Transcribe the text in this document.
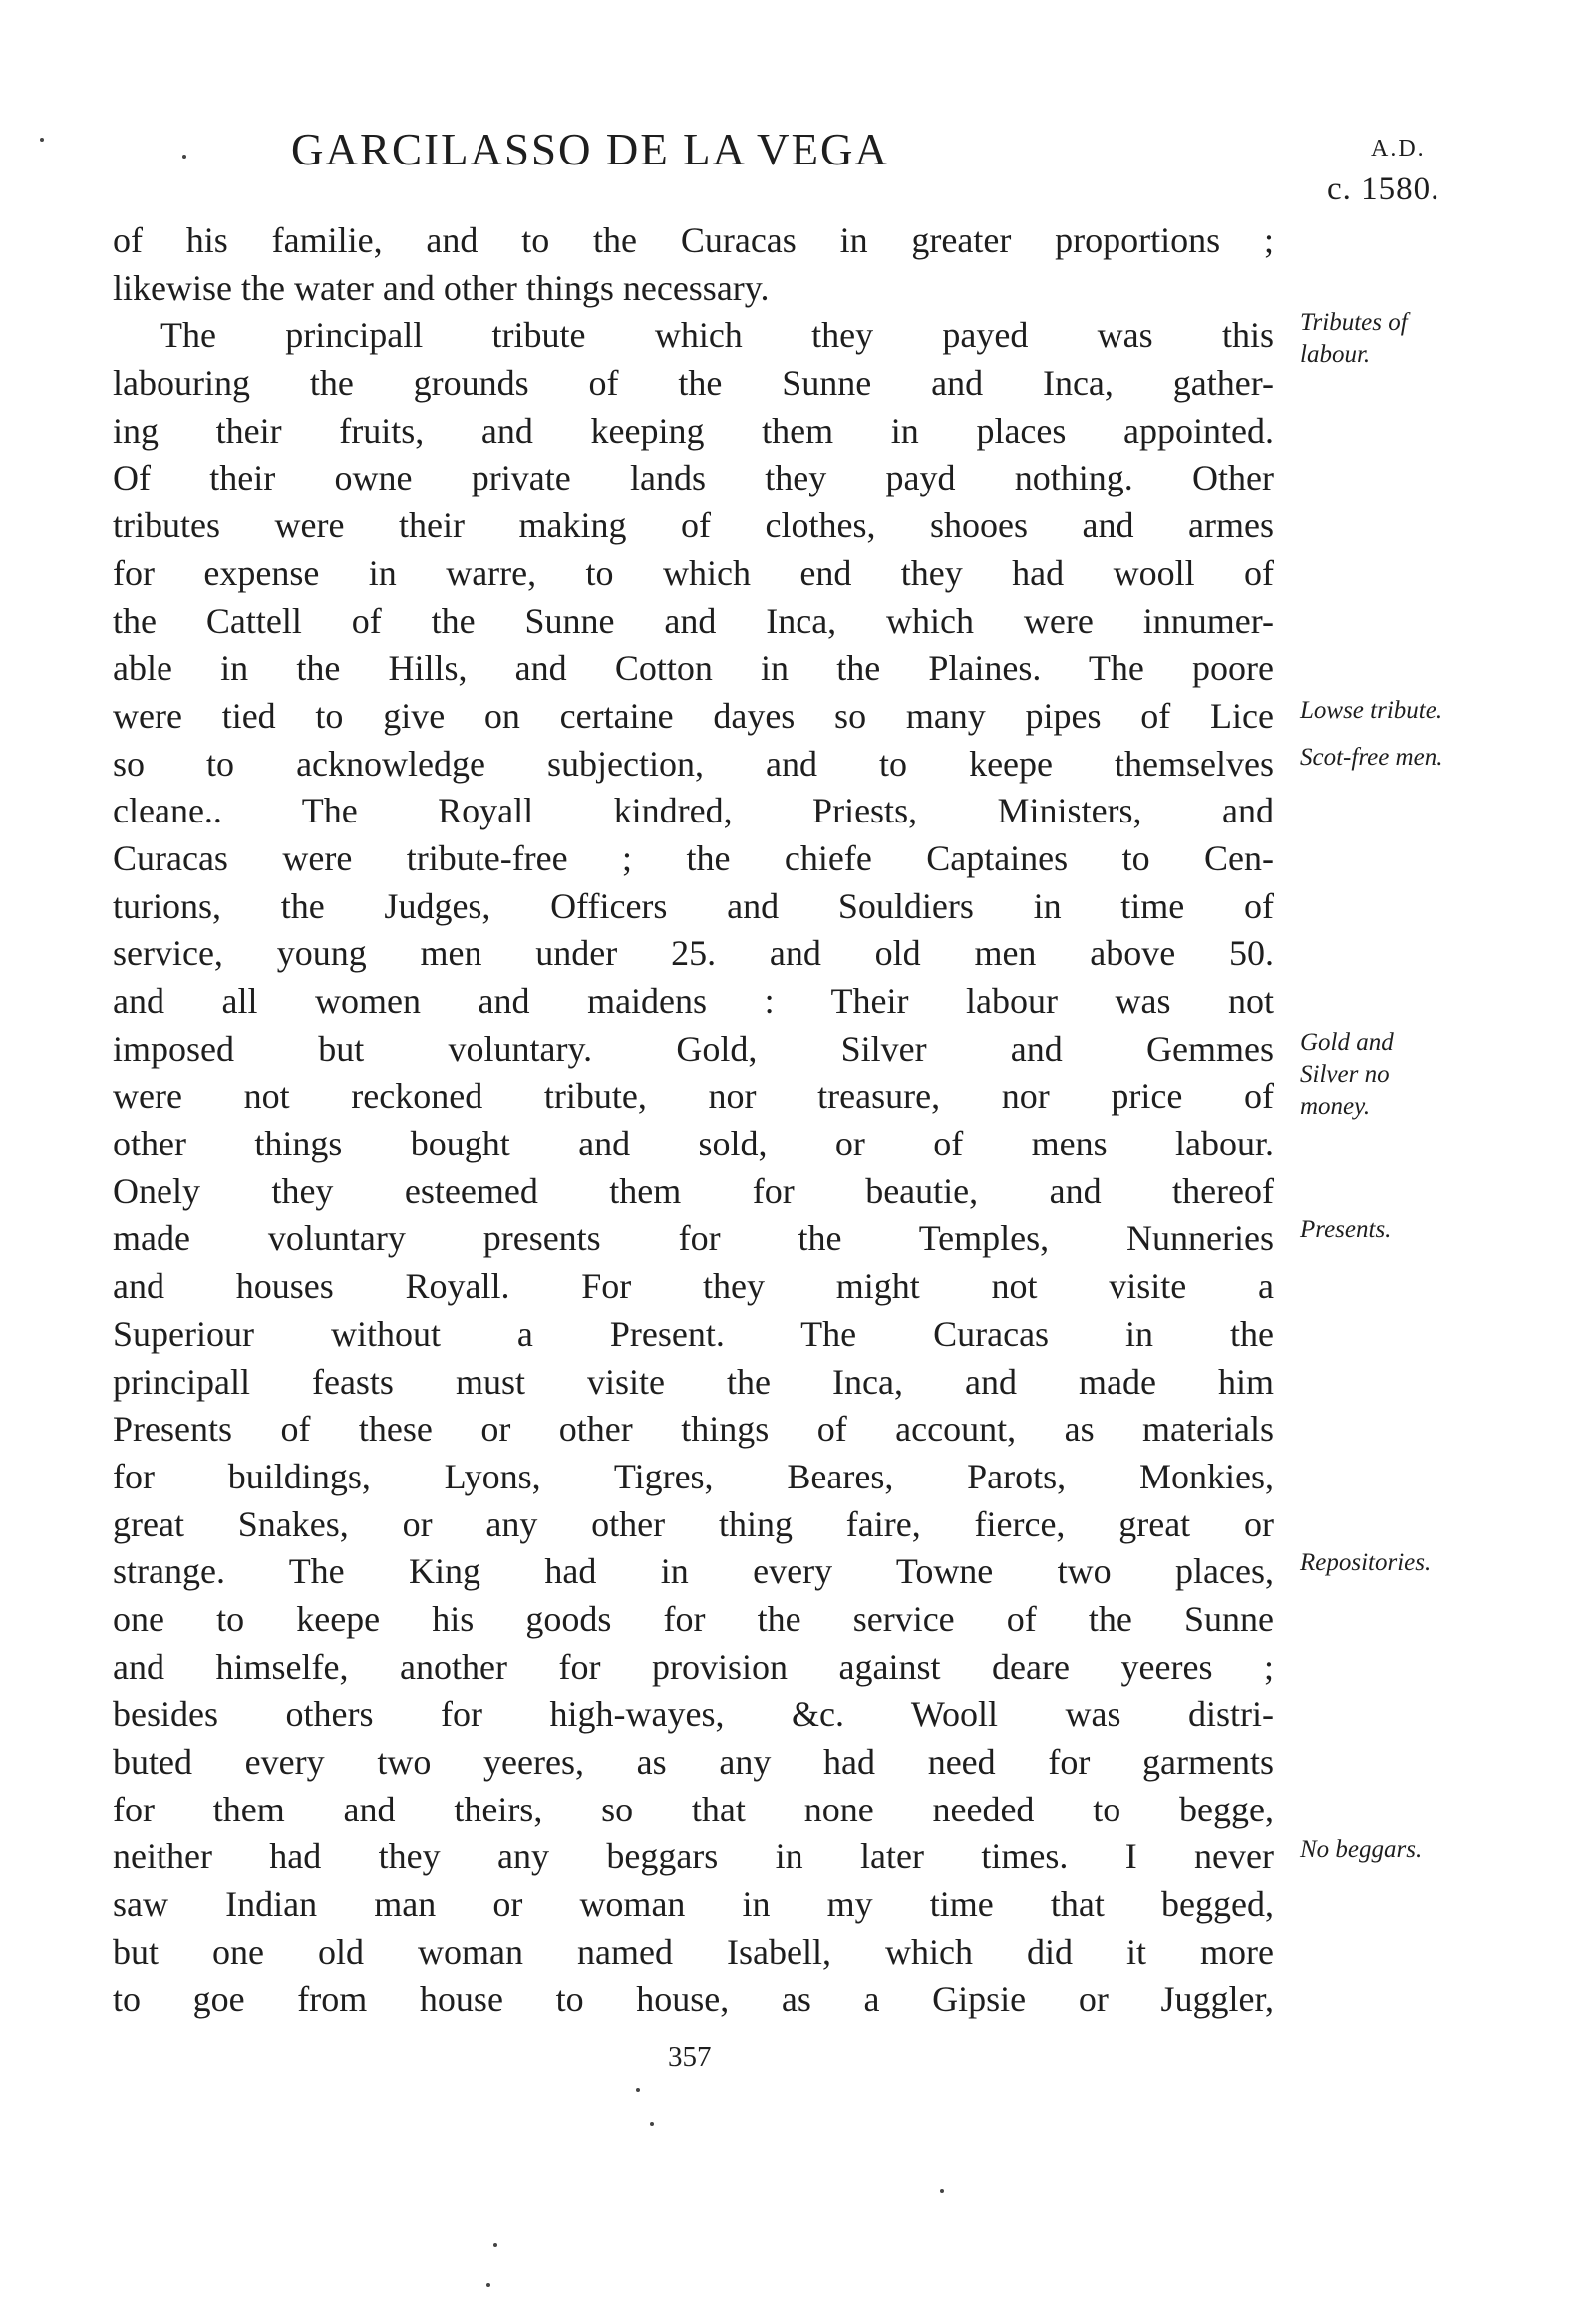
GARCILASSO DE LA VEGA	A.D.
c. 1580.
of his familie, and to the Curacas in greater proportions ;
likewise the water and other things necessary.
The principall tribute which they payed was this
labouring the grounds of the Sunne and Inca, gather-
ing their fruits, and keeping them in places appointed.
Of their owne private lands they payd nothing. Other
tributes were their making of clothes, shooes and armes
for expense in warre, to which end they had wooll of
the Cattell of the Sunne and Inca, which were innumer-
able in the Hills, and Cotton in the Plaines. The poore
were tied to give on certaine dayes so many pipes of Lice
so to acknowledge subjection, and to keepe themselves
cleane.. The Royall kindred, Priests, Ministers, and
Curacas were tribute-free ; the chiefe Captaines to Cen-
turions, the Judges, Officers and Souldiers in time of
service, young men under 25. and old men above 50.
and all women and maidens : Their labour was not
imposed but voluntary. Gold, Silver and Gemmes
were not reckoned tribute, nor treasure, nor price of
other things bought and sold, or of mens labour.
Onely they esteemed them for beautie, and thereof
made voluntary presents for the Temples, Nunneries
and houses Royall. For they might not visite a
Superiour without a Present. The Curacas in the
principall feasts must visite the Inca, and made him
Presents of these or other things of account, as materials
for buildings, Lyons, Tigres, Beares, Parots, Monkies,
great Snakes, or any other thing faire, fierce, great or
strange. The King had in every Towne two places,
one to keepe his goods for the service of the Sunne
and himselfe, another for provision against deare yeeres ;
besides others for high-wayes, &c. Wooll was distri-
buted every two yeeres, as any had need for garments
for them and theirs, so that none needed to begge,
neither had they any beggars in later times. I never
saw Indian man or woman in my time that begged,
but one old woman named Isabell, which did it more
to goe from house to house, as a Gipsie or Juggler,
Tributes of
labour.
Lowse tribute.
Scot-free men.
Gold and
Silver no
money.
Presents.
Repositories.
No beggars.
357
